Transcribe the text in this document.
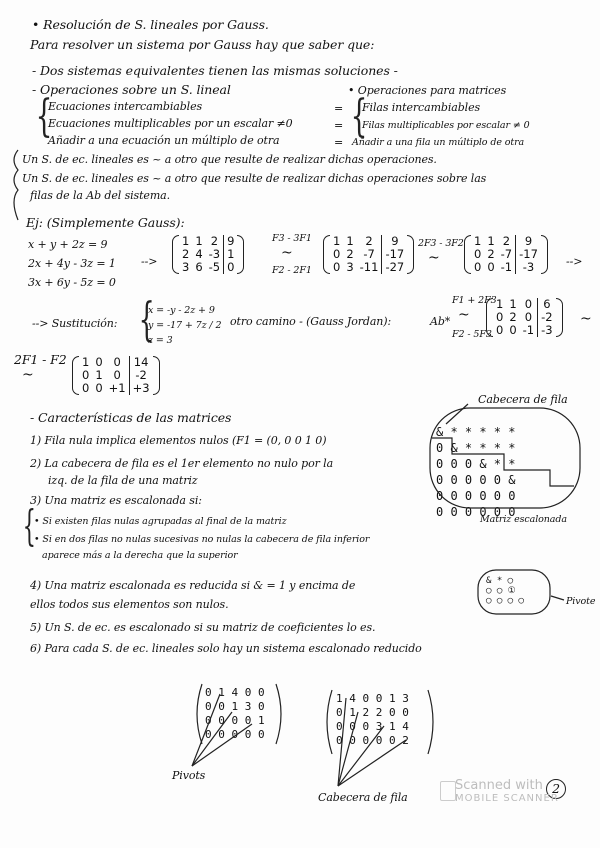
• Resolución de S. lineales por Gauss.
Para resolver un sistema por Gauss hay que saber que:
- Dos sistemas equivalentes tienen las mismas soluciones -
- Operaciones sobre un S. lineal
{
Ecuaciones intercambiables
Ecuaciones multiplicables por un escalar ≠0
Añadir a una ecuación un múltiplo de otra
=
=
=
• Operaciones para matrices
{
Filas intercambiables
Filas multiplicables por escalar ≠ 0
Añadir a una fila un múltiplo de otra
Un S. de ec. lineales es ~ a otro que resulte de realizar dichas operaciones.
Un S. de ec. lineales es ~ a otro que resulte de realizar dichas operaciones sobre las
filas de la Ab del sistema.
Ej: (Simplemente Gauss):
x + y + 2z = 9
2x + 4y - 3z = 1
3x + 6y - 5z = 0
-->
1	1	2	9
2	4	-3	1
3	6	-5	0
F3 - 3F1
~
F2 - 2F1
1	1	2	9
0	2	-7	-17
0	3	-11	-27
2F3 - 3F2
~
1	1	2	9
0	2	-7	-17
0	0	-1	-3	-->
--> Sustitución: {
x = -y - 2z + 9
y = -17 + 7z / 2
z = 3
otro camino - (Gauss Jordan):	Ab*
F1 + 2F3
~
F2 - 5F3
1	1	0	6
0	2	0	-2
0	0	-1	-3
~
2F1 - F2
~
1	0	0	14
0	1	0	-2
0	0	+1	+3
- Características de las matrices
1) Fila nula implica elementos nulos (F1 = (0, 0 0 1 0)
2) La cabecera de fila es el 1er elemento no nulo por la
izq. de la fila de una matriz
3) Una matriz es escalonada si:
{
• Si existen filas nulas agrupadas al final de la matriz
• Si en dos filas no nulas sucesivas no nulas la cabecera de fila inferior
aparece más a la derecha que la superior
4) Una matriz escalonada es reducida si & = 1 y encima de
ellos todos sus elementos son nulos.
5) Un S. de ec. es escalonado si su matriz de coeficientes lo es.
6) Para cada S. de ec. lineales solo hay un sistema escalonado reducido
Cabecera de fila
& * * * * *
0 & * * * *
0 0 0 & * *
0 0 0 0 0 &
0 0 0 0 0 0
0 0 0 0 0 0
Matriz escalonada
& * ◯
◯ ◯ ①
◯ ◯ ◯ ◯	Pivote
0 1 4 0 0
0 0 1 3 0
0 0 0 0 1
0 0 0 0 0
Pivots
1 4 0 0 1 3
0 1 2 2 0 0
0 0 0 3 1 4
0 0 0 0 0 2
Cabecera de fila
2
Scanned with
MOBILE SCANNER
